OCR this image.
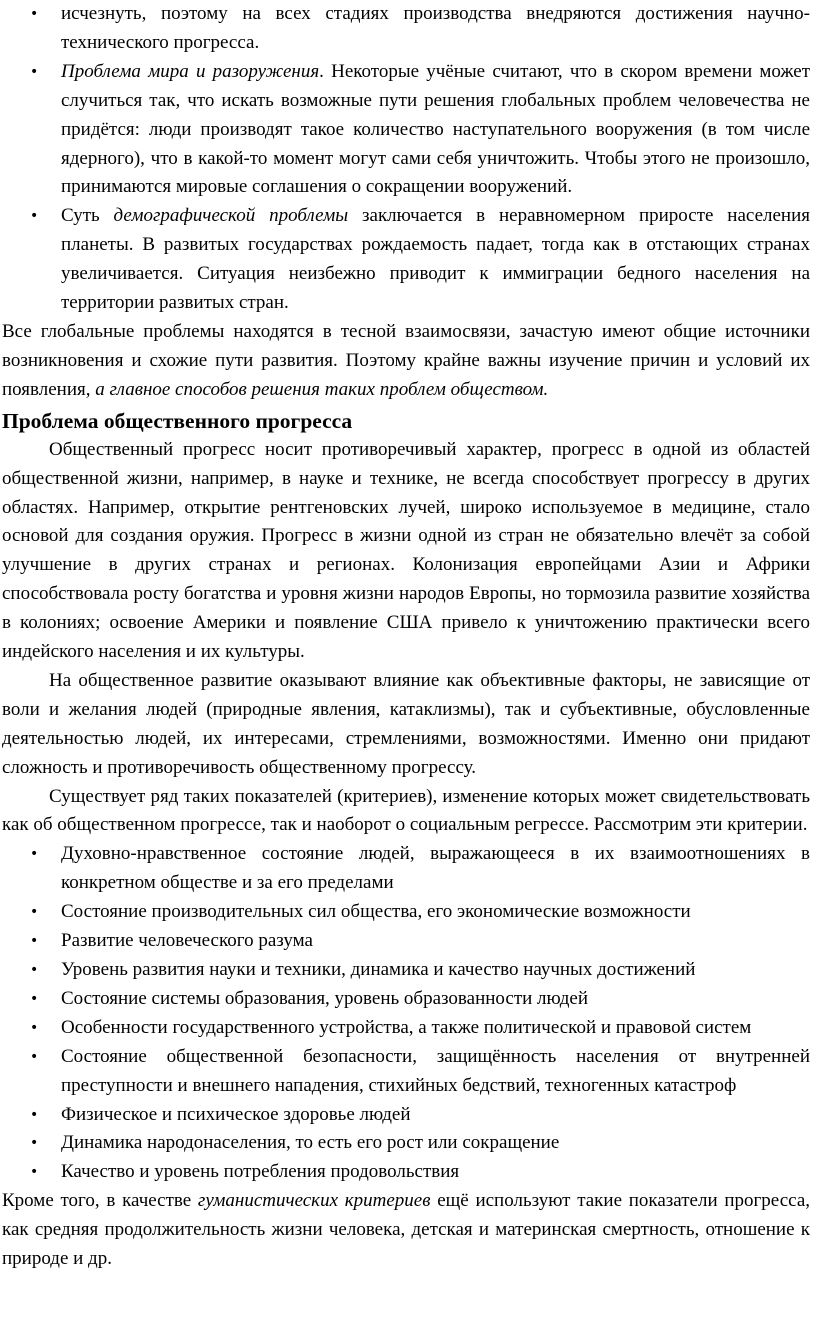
• исчезнуть, поэтому на всех стадиях производства внедряются достижения научно-технического прогресса.
• Проблема мира и разоружения. Некоторые учёные считают, что в скором времени может случиться так, что искать возможные пути решения глобальных проблем человечества не придётся: люди производят такое количество наступательного вооружения (в том числе ядерного), что в какой-то момент могут сами себя уничтожить. Чтобы этого не произошло, принимаются мировые соглашения о сокращении вооружений.
• Суть демографической проблемы заключается в неравномерном приросте населения планеты. В развитых государствах рождаемость падает, тогда как в отстающих странах увеличивается. Ситуация неизбежно приводит к иммиграции бедного населения на территории развитых стран.

Все глобальные проблемы находятся в тесной взаимосвязи, зачастую имеют общие источники возникновения и схожие пути развития. Поэтому крайне важны изучение причин и условий их появления, а главное способов решения таких проблем обществом.

Проблема общественного прогресса

Общественный прогресс носит противоречивый характер, прогресс в одной из областей общественной жизни, например, в науке и технике, не всегда способствует прогрессу в других областях. Например, открытие рентгеновских лучей, широко используемое в медицине, стало основой для создания оружия. Прогресс в жизни одной из стран не обязательно влечёт за собой улучшение в других странах и регионах. Колонизация европейцами Азии и Африки способствовала росту богатства и уровня жизни народов Европы, но тормозила развитие хозяйства в колониях; освоение Америки и появление США привело к уничтожению практически всего индейского населения и их культуры.

На общественное развитие оказывают влияние как объективные факторы, не зависящие от воли и желания людей (природные явления, катаклизмы), так и субъективные, обусловленные деятельностью людей, их интересами, стремлениями, возможностями. Именно они придают сложность и противоречивость общественному прогрессу.

Существует ряд таких показателей (критериев), изменение которых может свидетельствовать как об общественном прогрессе, так и наоборот о социальным регрессе. Рассмотрим эти критерии.

• Духовно-нравственное состояние людей, выражающееся в их взаимоотношениях в конкретном обществе и за его пределами
• Состояние производительных сил общества, его экономические возможности
• Развитие человеческого разума
• Уровень развития науки и техники, динамика и качество научных достижений
• Состояние системы образования, уровень образованности людей
• Особенности государственного устройства, а также политической и правовой систем
• Состояние общественной безопасности, защищённость населения от внутренней преступности и внешнего нападения, стихийных бедствий, техногенных катастроф
• Физическое и психическое здоровье людей
• Динамика народонаселения, то есть его рост или сокращение
• Качество и уровень потребления продовольствия

Кроме того, в качестве гуманистических критериев ещё используют такие показатели прогресса, как средняя продолжительность жизни человека, детская и материнская смертность, отношение к природе и др.
